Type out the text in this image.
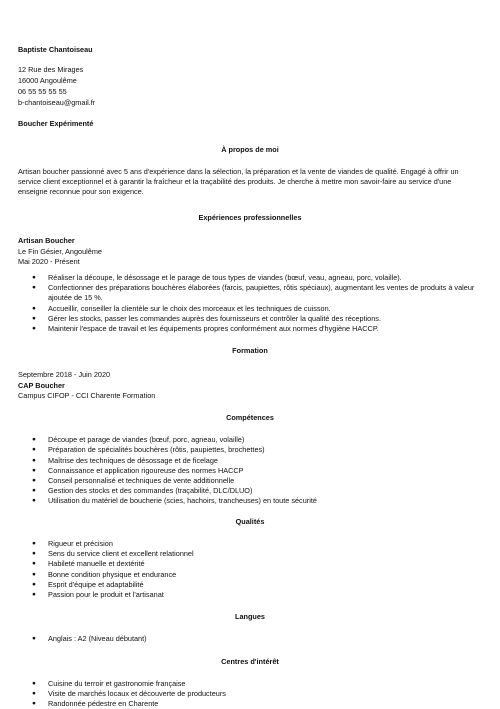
Baptiste Chantoiseau
12 Rue des Mirages
16000 Angoulême
06 55 55 55 55
b-chantoiseau@gmail.fr
Boucher Expérimenté
À propos de moi

Artisan boucher passionné avec 5 ans d'expérience dans la sélection, la préparation et la vente de viandes de qualité. Engagé à offrir un service client exceptionnel et à garantir la fraîcheur et la traçabilité des produits. Je cherche à mettre mon savoir-faire au service d'une enseigne reconnue pour son exigence.

Expériences professionnelles
Artisan Boucher
Le Fin Gésier, Angoulême
Mai 2020 - Présent
● Réaliser la découpe, le désossage et le parage de tous types de viandes (bœuf, veau, agneau, porc, volaille).
● Confectionner des préparations bouchères élaborées (farcis, paupiettes, rôtis spéciaux), augmentant les ventes de produits à valeur ajoutée de 15 %.
● Accueillir, conseiller la clientèle sur le choix des morceaux et les techniques de cuisson.
● Gérer les stocks, passer les commandes auprès des fournisseurs et contrôler la qualité des réceptions.
● Maintenir l'espace de travail et les équipements propres conformément aux normes d'hygiène HACCP.
Formation
Septembre 2018 - Juin 2020
CAP Boucher
Campus CIFOP - CCI Charente Formation
Compétences
● Découpe et parage de viandes (bœuf, porc, agneau, volaille)
● Préparation de spécialités bouchères (rôtis, paupiettes, brochettes)
● Maîtrise des techniques de désossage et de ficelage
● Connaissance et application rigoureuse des normes HACCP
● Conseil personnalisé et techniques de vente additionnelle
● Gestion des stocks et des commandes (traçabilité, DLC/DLUO)
● Utilisation du matériel de boucherie (scies, hachoirs, trancheuses) en toute sécurité
Qualités
● Rigueur et précision
● Sens du service client et excellent relationnel
● Habileté manuelle et dextérité
● Bonne condition physique et endurance
● Esprit d'équipe et adaptabilité
● Passion pour le produit et l'artisanat
Langues
● Anglais : A2 (Niveau débutant)
Centres d'intérêt
● Cuisine du terroir et gastronomie française
● Visite de marchés locaux et découverte de producteurs
● Randonnée pédestre en Charente
